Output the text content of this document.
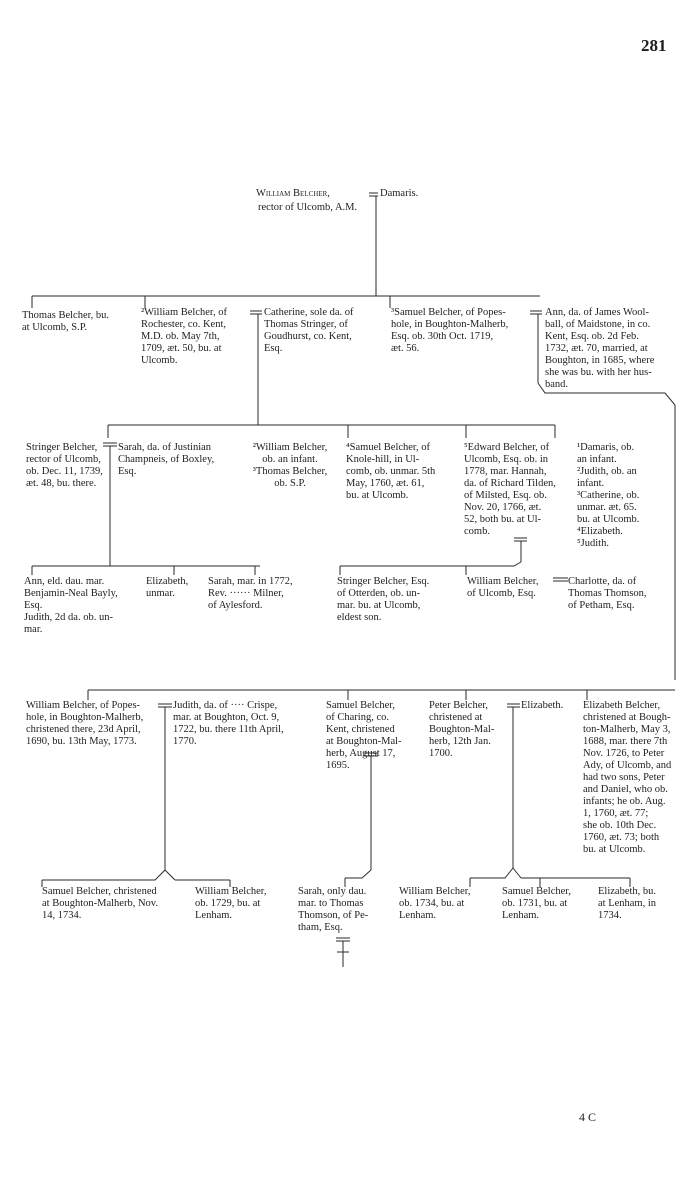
281
William Belcher,
rector of Ulcomb, A.M.
Damaris.
Thomas Belcher, bu.
at Ulcomb, S.P.
²William Belcher, of
Rochester, co. Kent,
M.D. ob. May 7th,
1709, æt. 50, bu. at
Ulcomb.
Catherine, sole da. of
Thomas Stringer, of
Goudhurst, co. Kent,
Esq.
³Samuel Belcher, of Popes-
hole, in Boughton-Malherb,
Esq. ob. 30th Oct. 1719,
æt. 56.
Ann, da. of James Wool-
ball, of Maidstone, in co.
Kent, Esq. ob. 2d Feb.
1732, æt. 70, married, at
Boughton, in 1685, where
she was bu. with her hus-
band.
Stringer Belcher,
rector of Ulcomb,
ob. Dec. 11, 1739,
æt. 48, bu. there.
Sarah, da. of Justinian
Champneis, of Boxley,
Esq.
²William Belcher,
ob. an infant.
³Thomas Belcher,
ob. S.P.
⁴Samuel Belcher, of
Knole-hill, in Ul-
comb, ob. unmar. 5th
May, 1760, æt. 61,
bu. at Ulcomb.
⁵Edward Belcher, of
Ulcomb, Esq. ob. in
1778, mar. Hannah,
da. of Richard Tilden,
of Milsted, Esq. ob.
Nov. 20, 1766, æt.
52, both bu. at Ul-
comb.
¹Damaris, ob.
an infant.
²Judith, ob. an
infant.
³Catherine, ob.
unmar. æt. 65.
bu. at Ulcomb.
⁴Elizabeth.
⁵Judith.
Ann, eld. dau. mar.
Benjamin-Neal Bayly,
Esq.
Judith, 2d da. ob. un-
mar.
Elizabeth,
unmar.
Sarah, mar. in 1772,
Rev. ······ Milner,
of Aylesford.
Stringer Belcher, Esq.
of Otterden, ob. un-
mar. bu. at Ulcomb,
eldest son.
William Belcher,
of Ulcomb, Esq.
Charlotte, da. of
Thomas Thomson,
of Petham, Esq.
William Belcher, of Popes-
hole, in Boughton-Malherb,
christened there, 23d April,
1690, bu. 13th May, 1773.
Judith, da. of ···· Crispe,
mar. at Boughton, Oct. 9,
1722, bu. there 11th April,
1770.
Samuel Belcher,
of Charing, co.
Kent, christened
at Boughton-Mal-
herb, August 17,
1695.
Peter Belcher,
christened at
Boughton-Mal-
herb, 12th Jan.
1700.
Elizabeth. Elizabeth Belcher,
christened at Bough-
ton-Malherb, May 3,
1688, mar. there 7th
Nov. 1726, to Peter
Ady, of Ulcomb, and
had two sons, Peter
and Daniel, who ob.
infants; he ob. Aug.
1, 1760, æt. 77;
she ob. 10th Dec.
1760, æt. 73; both
bu. at Ulcomb.
Samuel Belcher, christened
at Boughton-Malherb, Nov.
14, 1734.
William Belcher,
ob. 1729, bu. at
Lenham.
Sarah, only dau.
mar. to Thomas
Thomson, of Pe-
tham, Esq.
William Belcher,
ob. 1734, bu. at
Lenham.
Samuel Belcher,
ob. 1731, bu. at
Lenham.
Elizabeth, bu.
at Lenham, in
1734.
4 C
